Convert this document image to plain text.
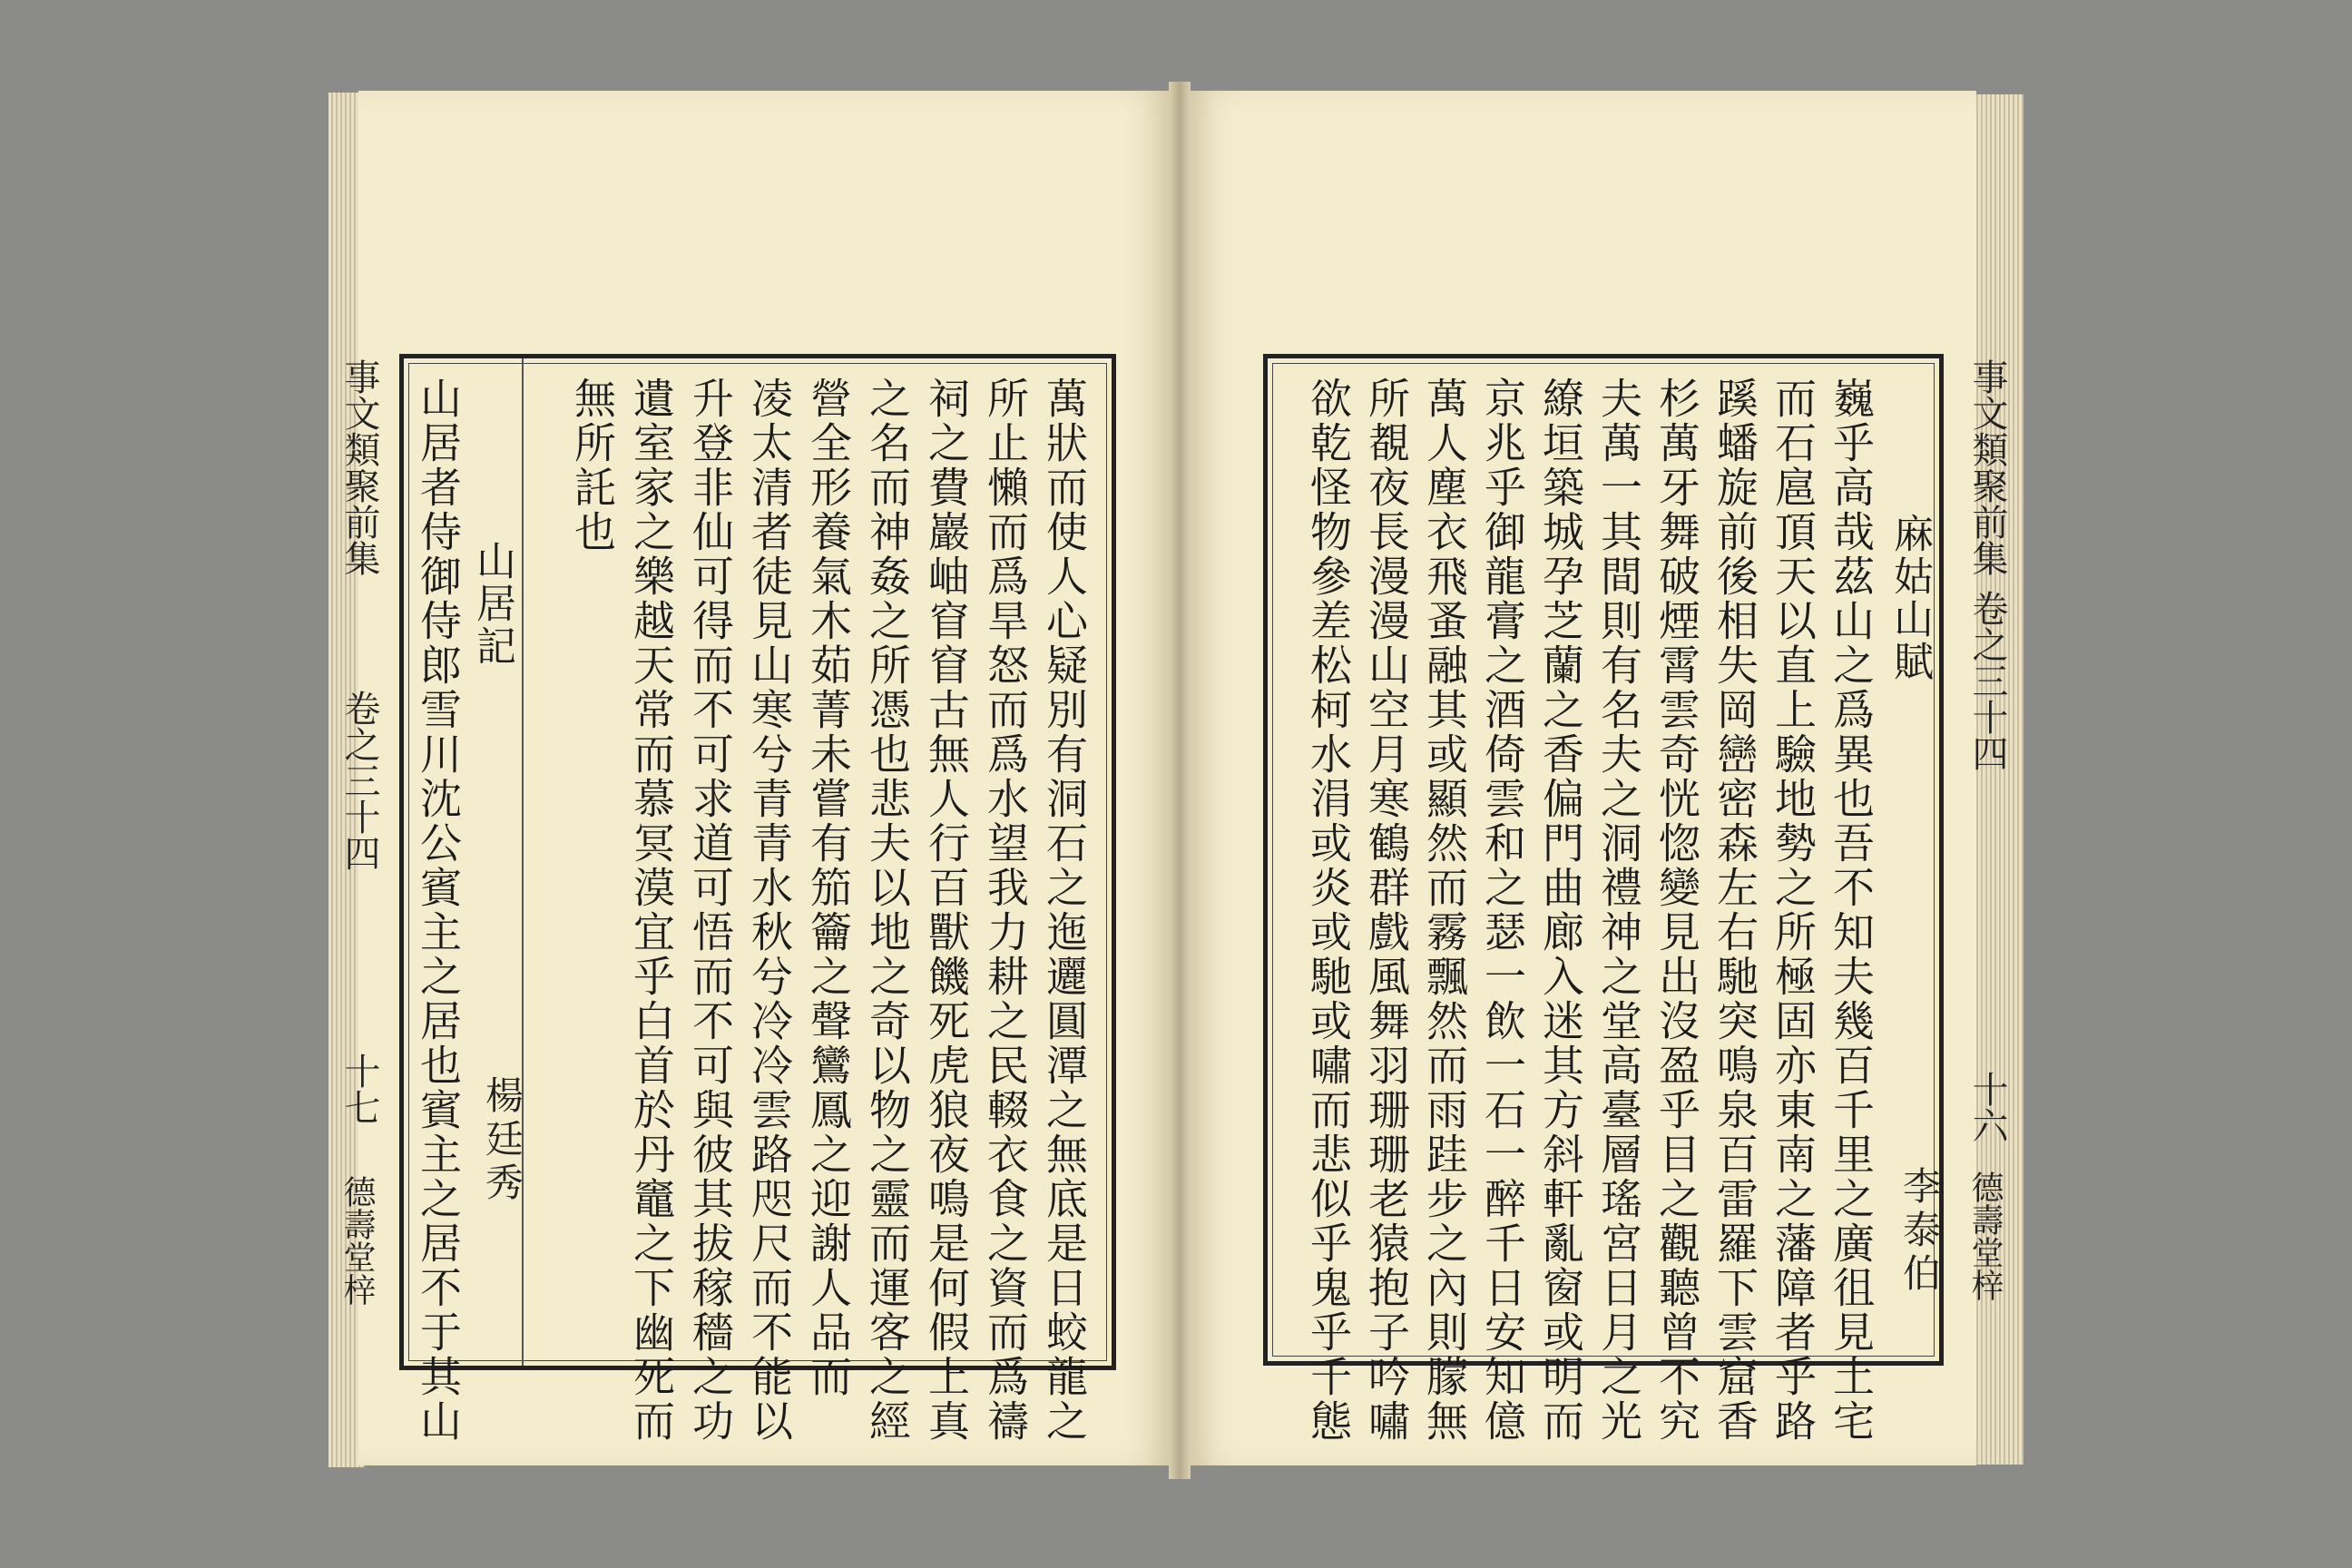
事文類聚前集
卷之三十四
十七
德壽堂梓	萬狀而使人心疑別有洞石之迤邐圓潭之無底是日蛟龍之
所止懶而爲旱怒而爲水望我力耕之民輟衣食之資而爲禱
祠之費巖岫窅窅古無人行百獸饑死虎狼夜鳴是何假上真
之名而神姦之所憑也悲夫以地之奇以物之靈而運客之經
營全形養氣木茹菁未嘗有笳籥之聲鸞鳳之迎謝人品而
凌太清者徒見山寒兮青青水秋兮冷冷雲路咫尺而不能以
升登非仙可得而不可求道可悟而不可與彼其拔稼穡之功
遺室家之樂越天常而慕冥漠宜乎白首於丹竈之下幽死而
無所託也
山居記
楊廷秀
山居者侍御侍郎雪川沈公賓主之居也賓主之居不于其山	事文類聚前集
卷之三十四
十六
德壽堂梓
麻姑山賦
李泰伯
巍乎高哉茲山之爲異也吾不知夫幾百千里之廣徂見土宅
而石扈頂天以直上驗地勢之所極固亦東南之藩障者乎路
蹊蟠旋前後相失岡巒密森左右馳突鳴泉百雷羅下雲窟香
杉萬牙舞破煙霄雲奇恍惚變見出沒盈乎目之觀聽曾不究
夫萬一其間則有名夫之洞禮神之堂高臺層瑤宮日月之光
繚垣築城孕芝蘭之香偏門曲廊入迷其方斜軒亂窗或明而
京兆乎御龍膏之酒倚雲和之瑟一飲一石一醉千日安知億
萬人塵衣飛蚤融其或顯然而霧飄然而雨跬步之內則朦無
所覩夜長漫漫山空月寒鶴群戲風舞羽珊珊老猿抱子吟嘯
欲乾怪物參差松柯水涓或炎或馳或嘯而悲似乎鬼乎千態
